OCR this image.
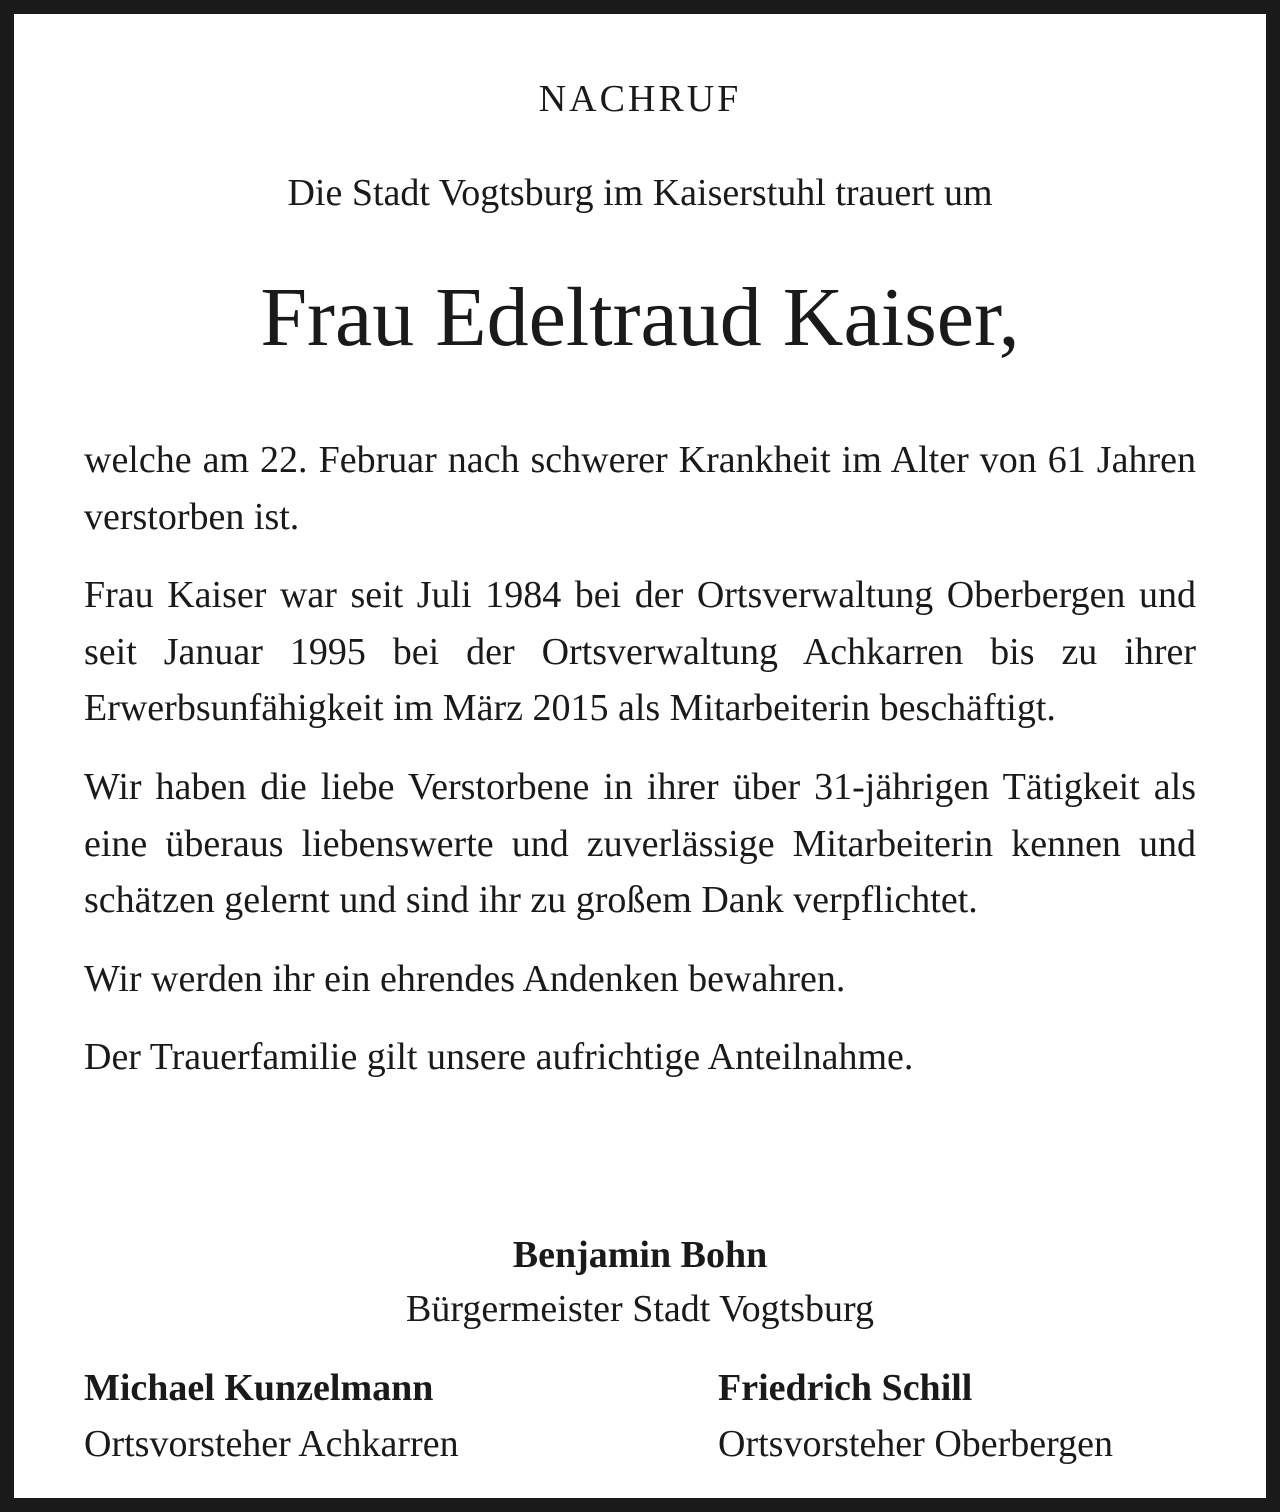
NACHRUF
Die Stadt Vogtsburg im Kaiserstuhl trauert um
Frau Edeltraud Kaiser,

welche am 22. Februar nach schwerer Krankheit im Alter von 61 Jahren verstorben ist.

Frau Kaiser war seit Juli 1984 bei der Ortsverwaltung Oberbergen und seit Januar 1995 bei der Ortsverwaltung Achkarren bis zu ihrer Erwerbsunfähigkeit im März 2015 als Mitarbeiterin beschäftigt.

Wir haben die liebe Verstorbene in ihrer über 31-jährigen Tätigkeit als eine überaus liebenswerte und zuverlässige Mitarbeiterin kennen und schätzen gelernt und sind ihr zu großem Dank verpflichtet.

Wir werden ihr ein ehrendes Andenken bewahren.

Der Trauerfamilie gilt unsere aufrichtige Anteilnahme.

Benjamin Bohn
Bürgermeister Stadt Vogtsburg
Michael Kunzelmann
Ortsvorsteher Achkarren
Friedrich Schill
Ortsvorsteher Oberbergen
